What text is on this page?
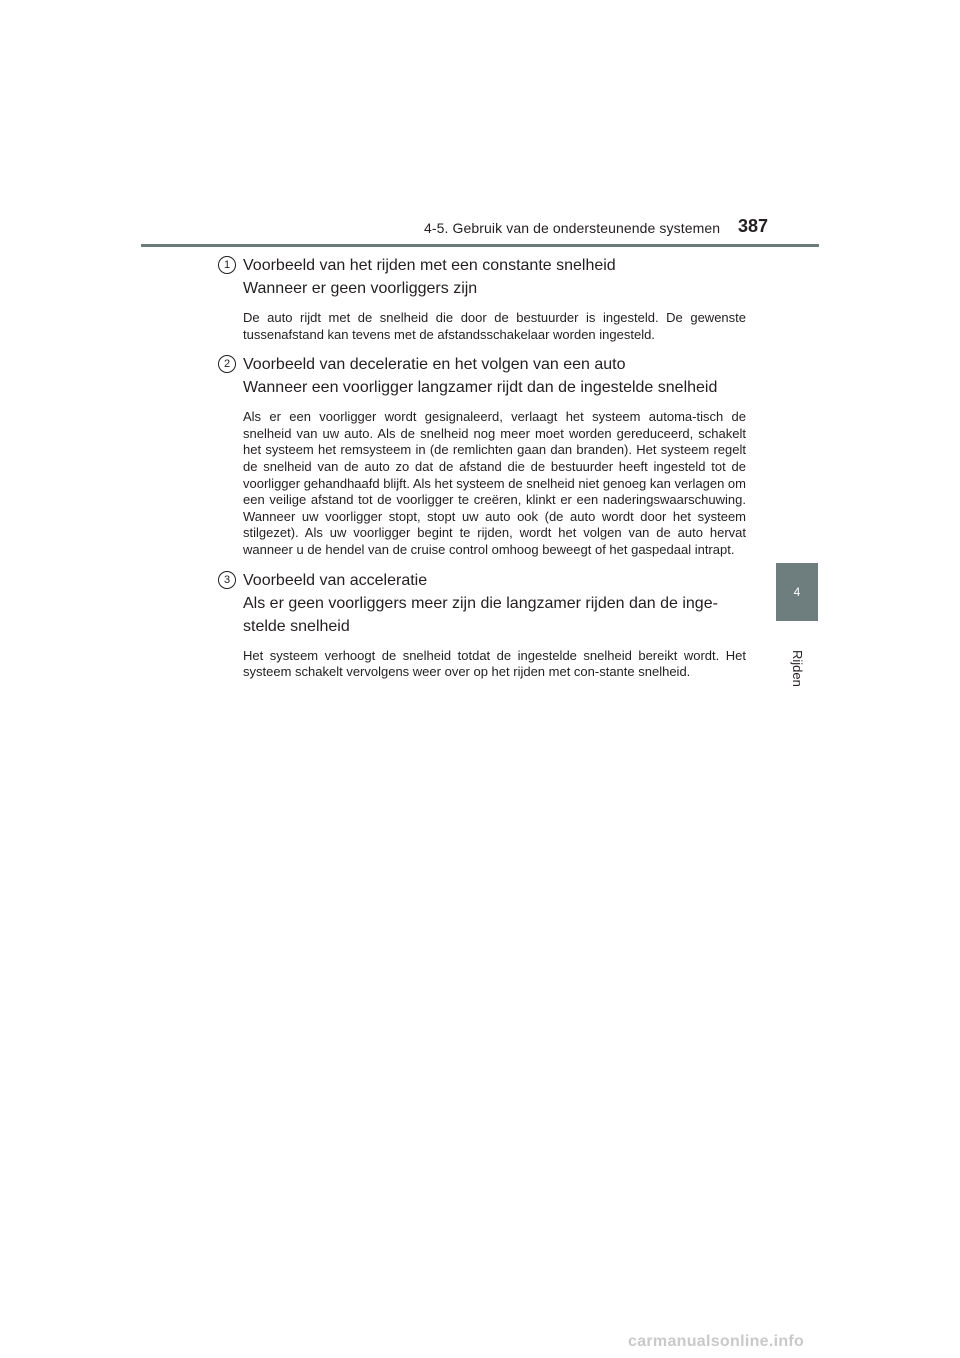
4-5. Gebruik van de ondersteunende systemen 387
4
Rijden
1 Voorbeeld van het rijden met een constante snelheid
Wanneer er geen voorliggers zijn
De auto rijdt met de snelheid die door de bestuurder is ingesteld. De gewenste tussenafstand kan tevens met de afstandsschakelaar worden ingesteld.
2 Voorbeeld van deceleratie en het volgen van een auto
Wanneer een voorligger langzamer rijdt dan de ingestelde snelheid
Als er een voorligger wordt gesignaleerd, verlaagt het systeem automa-tisch de snelheid van uw auto. Als de snelheid nog meer moet worden gereduceerd, schakelt het systeem het remsysteem in (de remlichten gaan dan branden). Het systeem regelt de snelheid van de auto zo dat de afstand die de bestuurder heeft ingesteld tot de voorligger gehandhaafd blijft. Als het systeem de snelheid niet genoeg kan verlagen om een veilige afstand tot de voorligger te creëren, klinkt er een naderingswaarschuwing. Wanneer uw voorligger stopt, stopt uw auto ook (de auto wordt door het systeem stilgezet). Als uw voorligger begint te rijden, wordt het volgen van de auto hervat wanneer u de hendel van de cruise control omhoog beweegt of het gaspedaal intrapt.
3 Voorbeeld van acceleratie
Als er geen voorliggers meer zijn die langzamer rijden dan de inge-stelde snelheid
Het systeem verhoogt de snelheid totdat de ingestelde snelheid bereikt wordt. Het systeem schakelt vervolgens weer over op het rijden met con-stante snelheid.
carmanualsonline.info
